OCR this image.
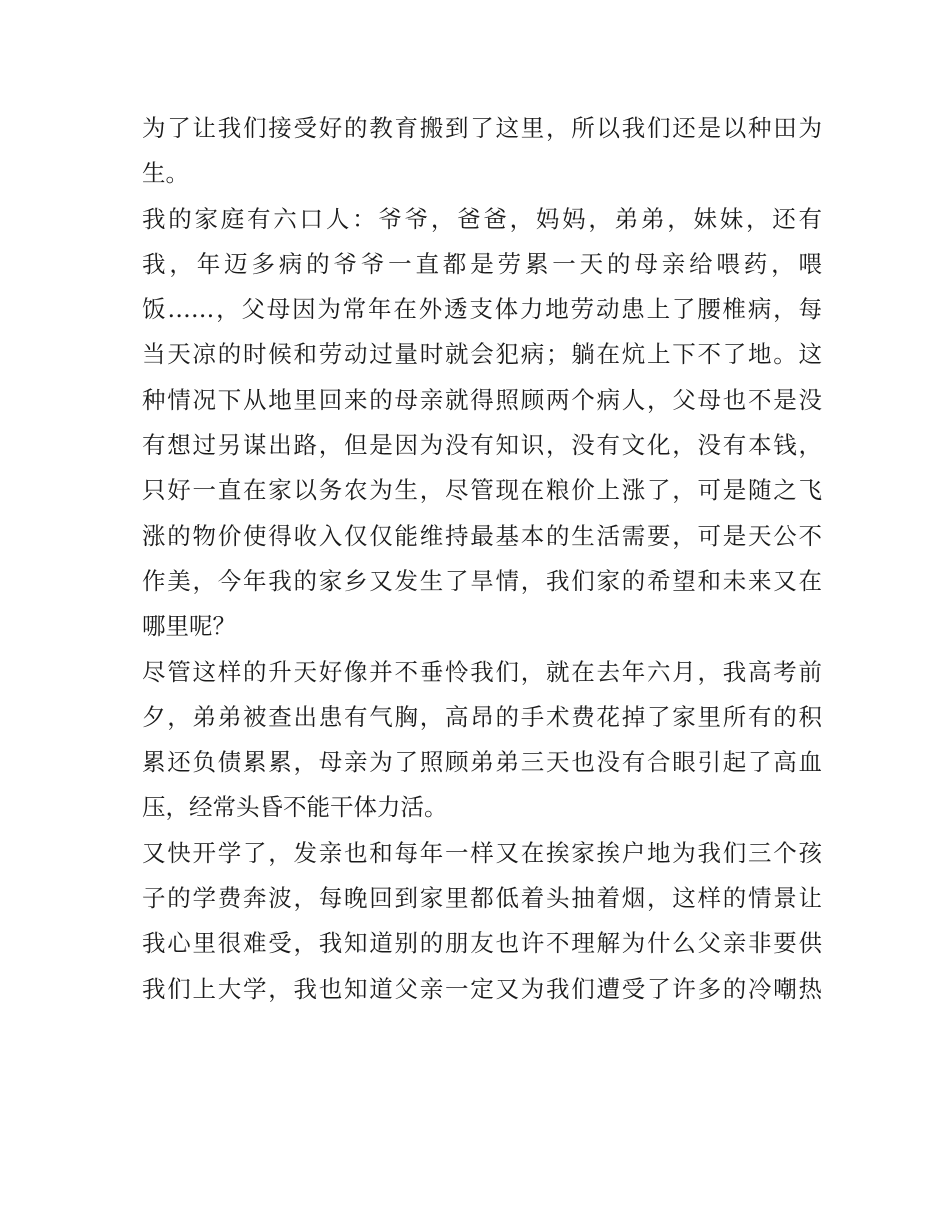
为了让我们接受好的教育搬到了这里，所以我们还是以种田为
生。
我的家庭有六口人：爷爷，爸爸，妈妈，弟弟，妹妹，还有
我，年迈多病的爷爷一直都是劳累一天的母亲给喂药，喂
饭……，父母因为常年在外透支体力地劳动患上了腰椎病，每
当天凉的时候和劳动过量时就会犯病；躺在炕上下不了地。这
种情况下从地里回来的母亲就得照顾两个病人，父母也不是没
有想过另谋出路，但是因为没有知识，没有文化，没有本钱，
只好一直在家以务农为生，尽管现在粮价上涨了，可是随之飞
涨的物价使得收入仅仅能维持最基本的生活需要，可是天公不
作美，今年我的家乡又发生了旱情，我们家的希望和未来又在
哪里呢？
尽管这样的升天好像并不垂怜我们，就在去年六月，我高考前
夕，弟弟被查出患有气胸，高昂的手术费花掉了家里所有的积
累还负债累累，母亲为了照顾弟弟三天也没有合眼引起了高血
压，经常头昏不能干体力活。
又快开学了，发亲也和每年一样又在挨家挨户地为我们三个孩
子的学费奔波，每晚回到家里都低着头抽着烟，这样的情景让
我心里很难受，我知道别的朋友也许不理解为什么父亲非要供
我们上大学，我也知道父亲一定又为我们遭受了许多的冷嘲热
